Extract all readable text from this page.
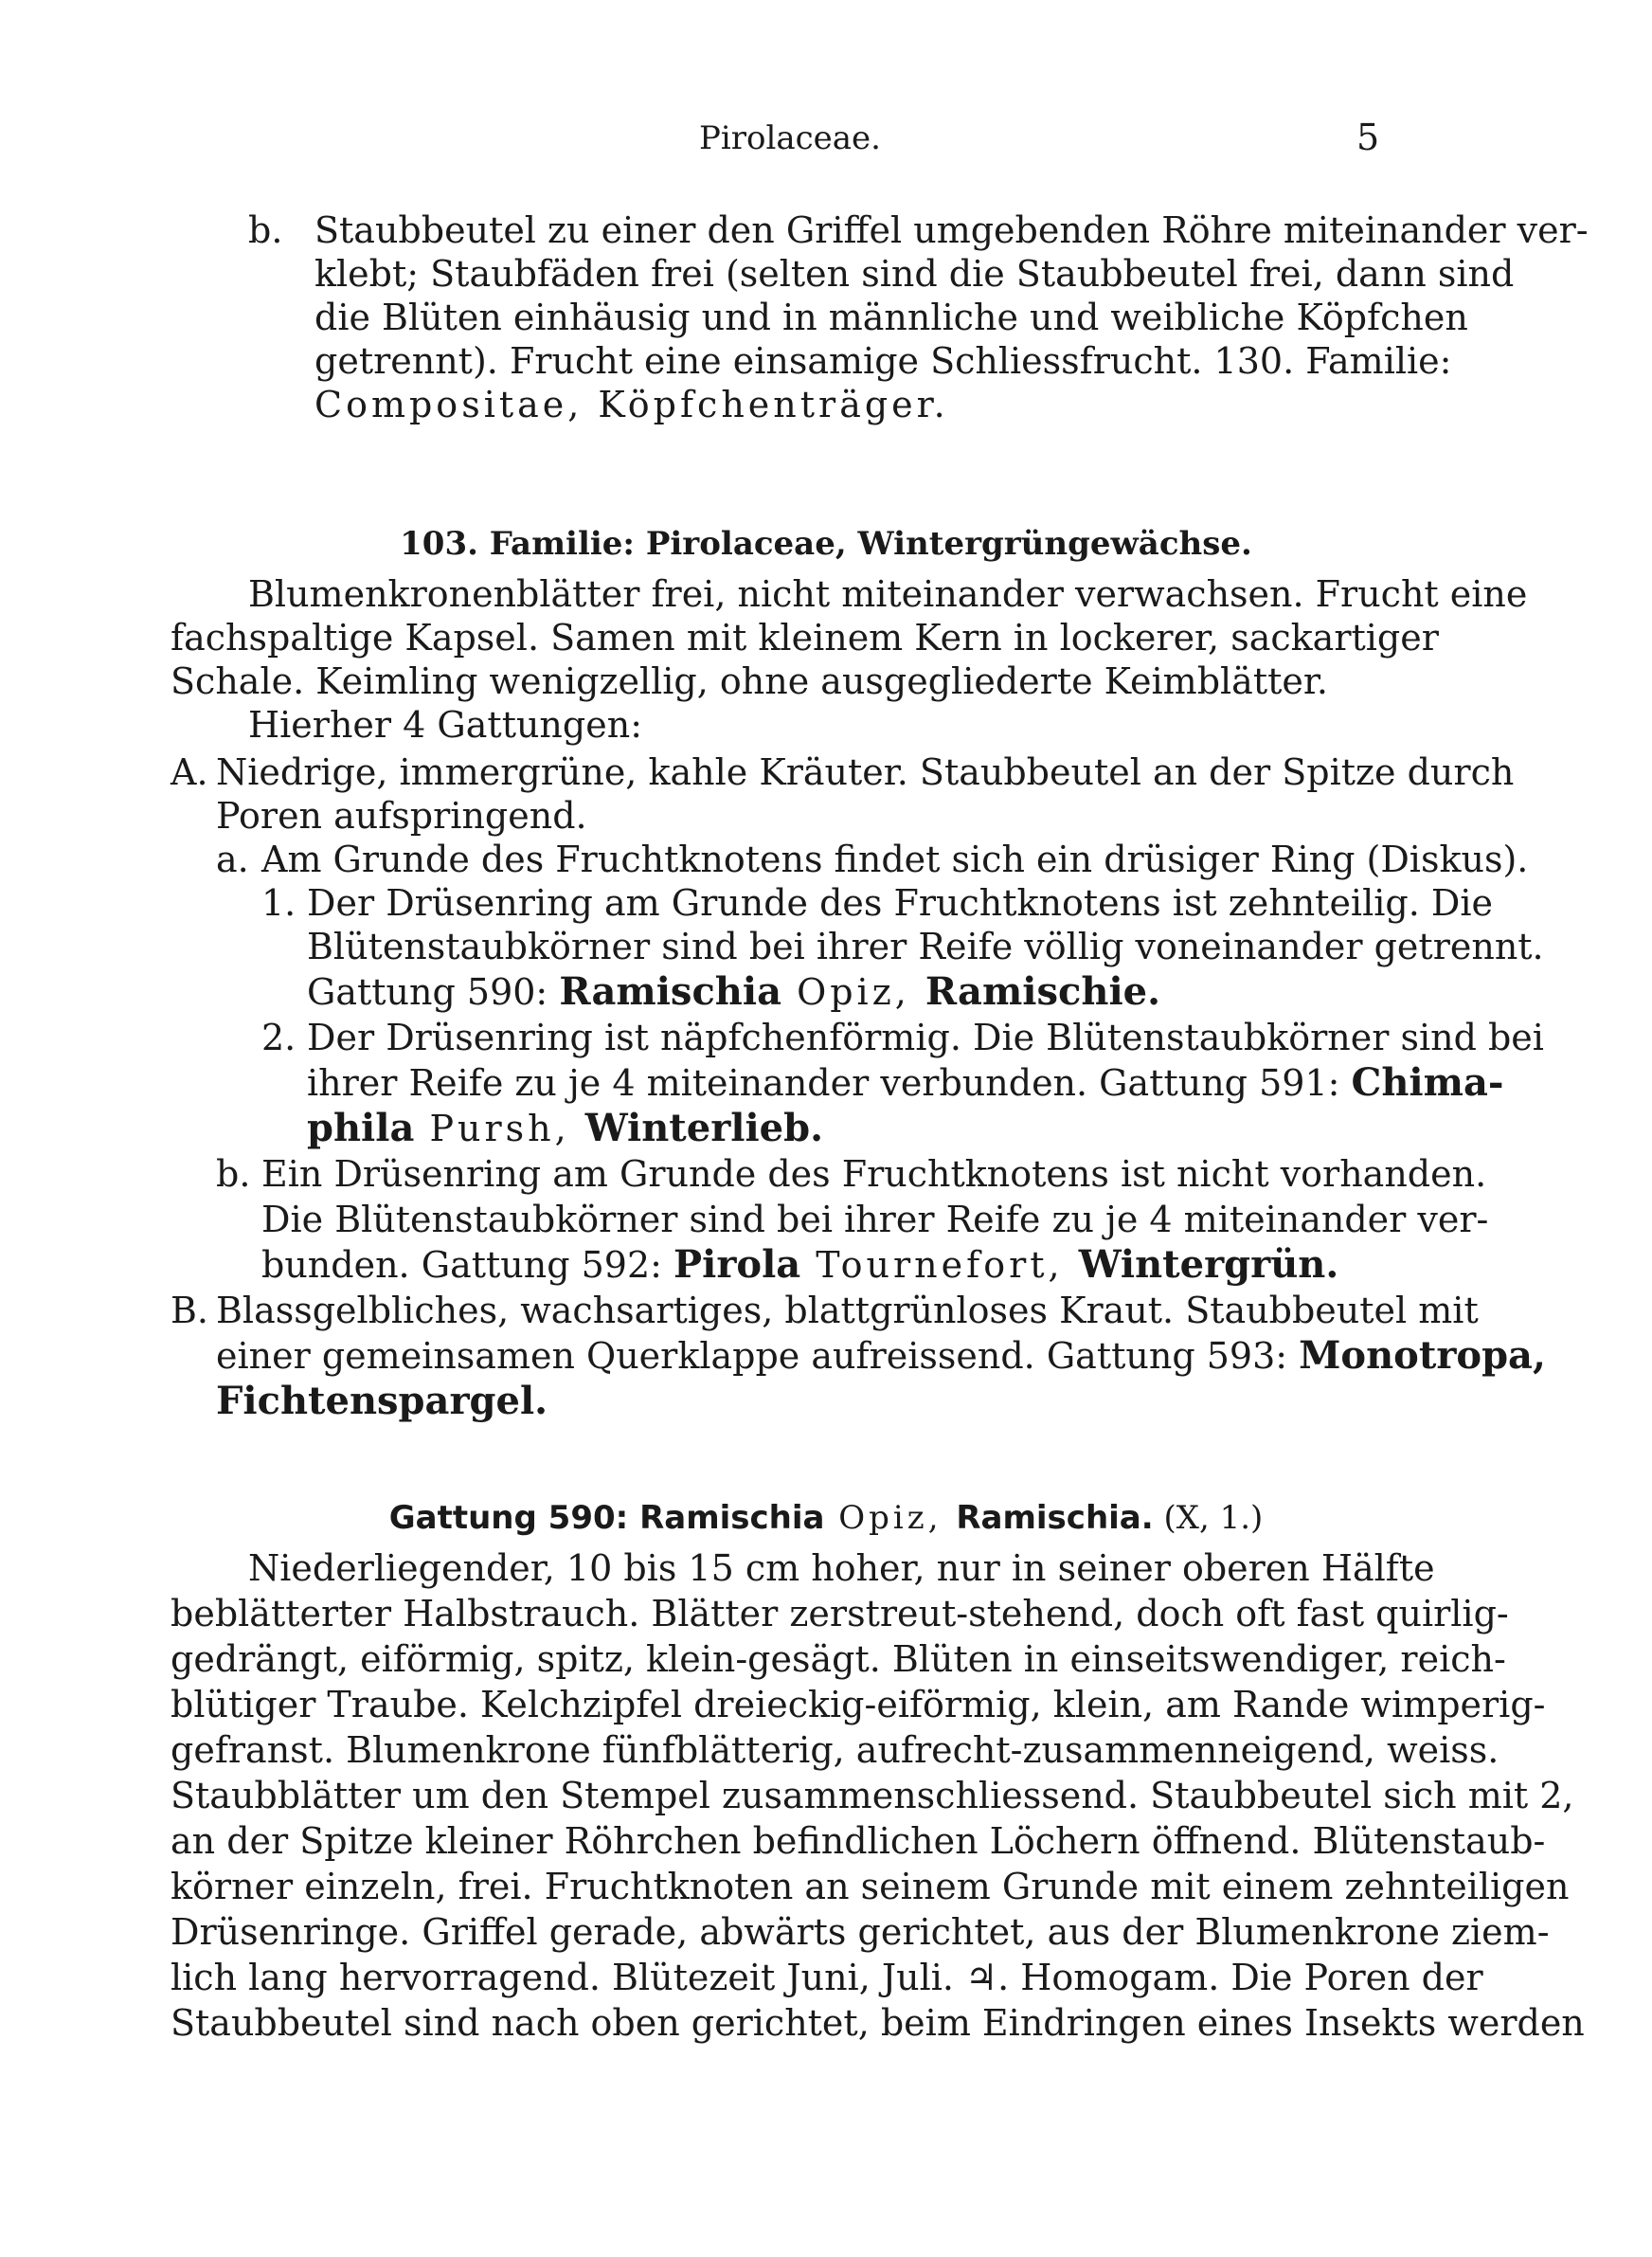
Pirolaceae.	5
b. Staubbeutel zu einer den Griffel umgebenden Röhre miteinander ver-
klebt; Staubfäden frei (selten sind die Staubbeutel frei, dann sind
die Blüten einhäusig und in männliche und weibliche Köpfchen
getrennt). Frucht eine einsamige Schliessfrucht. 130. Familie:
Compositae, Köpfchenträger.
103. Familie: Pirolaceae, Wintergrüngewächse.
Blumenkronenblätter frei, nicht miteinander verwachsen. Frucht eine
fachspaltige Kapsel. Samen mit kleinem Kern in lockerer, sackartiger
Schale. Keimling wenigzellig, ohne ausgegliederte Keimblätter.
Hierher 4 Gattungen:
A. Niedrige, immergrüne, kahle Kräuter. Staubbeutel an der Spitze durch
Poren aufspringend.
a. Am Grunde des Fruchtknotens findet sich ein drüsiger Ring (Diskus).
1. Der Drüsenring am Grunde des Fruchtknotens ist zehnteilig. Die
Blütenstaubkörner sind bei ihrer Reife völlig voneinander getrennt.
Gattung 590: Ramischia Opiz, Ramischie.
2. Der Drüsenring ist näpfchenförmig. Die Blütenstaubkörner sind bei
ihrer Reife zu je 4 miteinander verbunden. Gattung 591: Chima-
phila Pursh, Winterlieb.
b. Ein Drüsenring am Grunde des Fruchtknotens ist nicht vorhanden.
Die Blütenstaubkörner sind bei ihrer Reife zu je 4 miteinander ver-
bunden. Gattung 592: Pirola Tournefort, Wintergrün.
B. Blassgelbliches, wachsartiges, blattgrünloses Kraut. Staubbeutel mit
einer gemeinsamen Querklappe aufreissend. Gattung 593: Monotropa,
Fichtenspargel.
Gattung 590: Ramischia Opiz, Ramischia. (X, 1.)
Niederliegender, 10 bis 15 cm hoher, nur in seiner oberen Hälfte
beblätterter Halbstrauch. Blätter zerstreut-stehend, doch oft fast quirlig-
gedrängt, eiförmig, spitz, klein-gesägt. Blüten in einseitswendiger, reich-
blütiger Traube. Kelchzipfel dreieckig-eiförmig, klein, am Rande wimperig-
gefranst. Blumenkrone fünfblätterig, aufrecht-zusammenneigend, weiss.
Staubblätter um den Stempel zusammenschliessend. Staubbeutel sich mit 2,
an der Spitze kleiner Röhrchen befindlichen Löchern öffnend. Blütenstaub-
körner einzeln, frei. Fruchtknoten an seinem Grunde mit einem zehnteiligen
Drüsenringe. Griffel gerade, abwärts gerichtet, aus der Blumenkrone ziem-
lich lang hervorragend. Blütezeit Juni, Juli. ♃. Homogam. Die Poren der
Staubbeutel sind nach oben gerichtet, beim Eindringen eines Insekts werden
